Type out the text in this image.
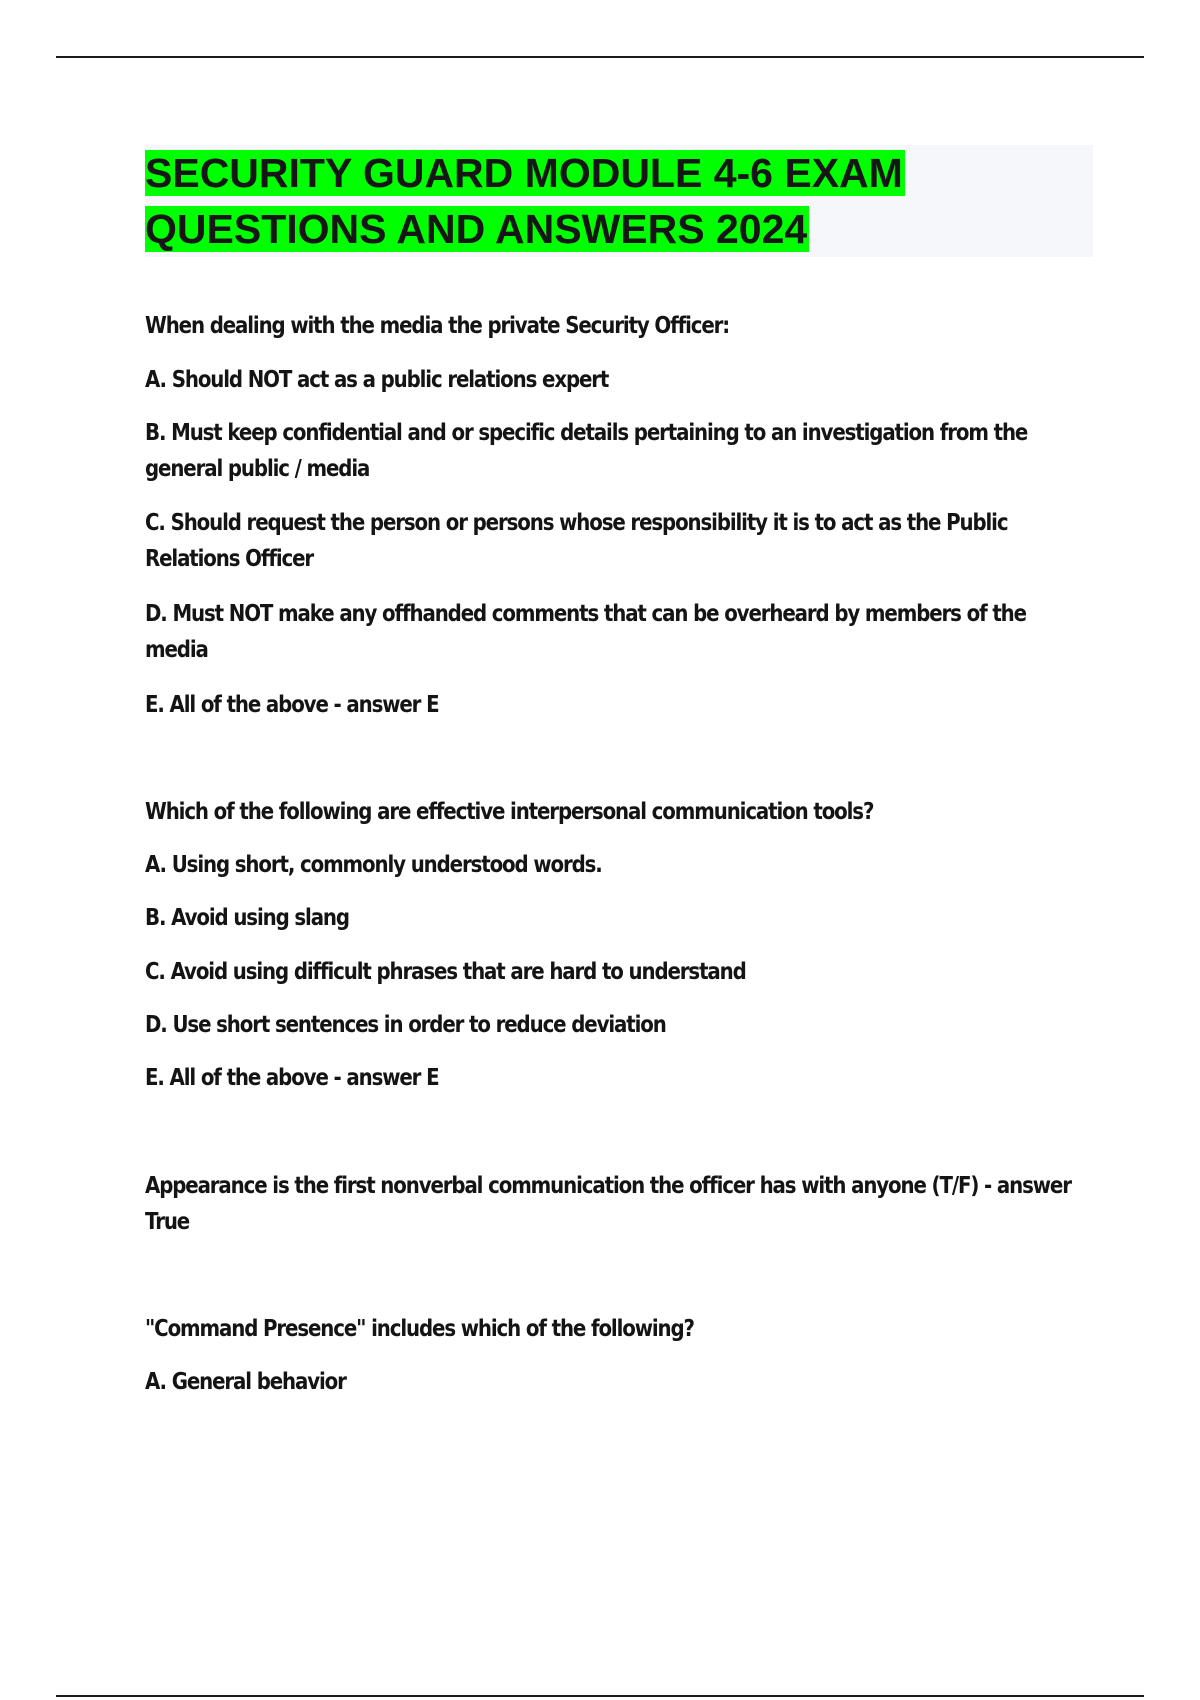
SECURITY GUARD MODULE 4-6 EXAM
QUESTIONS AND ANSWERS 2024

When dealing with the media the private Security Officer:

A. Should NOT act as a public relations expert

B. Must keep confidential and or specific details pertaining to an investigation from the general public / media

C. Should request the person or persons whose responsibility it is to act as the Public Relations Officer

D. Must NOT make any offhanded comments that can be overheard by members of the media

E. All of the above - answer E

Which of the following are effective interpersonal communication tools?

A. Using short, commonly understood words.

B. Avoid using slang

C. Avoid using difficult phrases that are hard to understand

D. Use short sentences in order to reduce deviation

E. All of the above - answer E

Appearance is the first nonverbal communication the officer has with anyone (T/F) - answer True

"Command Presence" includes which of the following?

A. General behavior
